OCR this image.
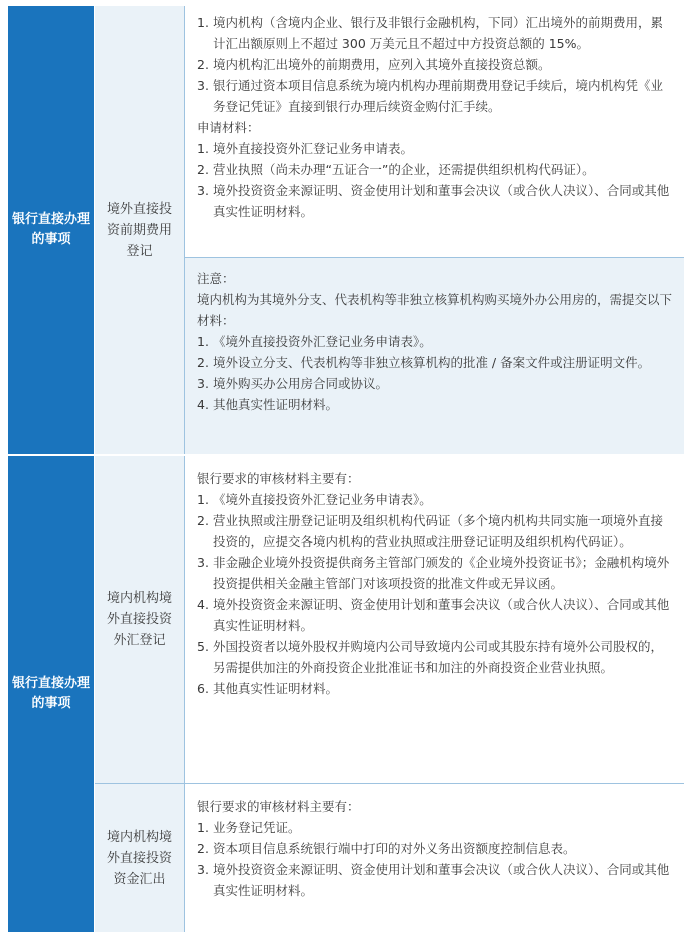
银行直接办理的事项
境外直接投资前期费用登记
1. 境内机构（含境内企业、银行及非银行金融机构，下同）汇出境外的前期费用，累计汇出额原则上不超过 300 万美元且不超过中方投资总额的 15%。
2. 境内机构汇出境外的前期费用，应列入其境外直接投资总额。
3. 银行通过资本项目信息系统为境内机构办理前期费用登记手续后，境内机构凭《业务登记凭证》直接到银行办理后续资金购付汇手续。

申请材料：

1. 境外直接投资外汇登记业务申请表。
2. 营业执照（尚未办理“五证合一”的企业，还需提供组织机构代码证）。
3. 境外投资资金来源证明、资金使用计划和董事会决议（或合伙人决议）、合同或其他真实性证明材料。

注意：

境内机构为其境外分支、代表机构等非独立核算机构购买境外办公用房的，需提交以下材料：

1. 《境外直接投资外汇登记业务申请表》。
2. 境外设立分支、代表机构等非独立核算机构的批准 / 备案文件或注册证明文件。
3. 境外购买办公用房合同或协议。
4. 其他真实性证明材料。
银行直接办理的事项
境内机构境外直接投资外汇登记

银行要求的审核材料主要有：

1. 《境外直接投资外汇登记业务申请表》。
2. 营业执照或注册登记证明及组织机构代码证（多个境内机构共同实施一项境外直接投资的，应提交各境内机构的营业执照或注册登记证明及组织机构代码证）。
3. 非金融企业境外投资提供商务主管部门颁发的《企业境外投资证书》；金融机构境外投资提供相关金融主管部门对该项投资的批准文件或无异议函。
4. 境外投资资金来源证明、资金使用计划和董事会决议（或合伙人决议）、合同或其他真实性证明材料。
5. 外国投资者以境外股权并购境内公司导致境内公司或其股东持有境外公司股权的，另需提供加注的外商投资企业批准证书和加注的外商投资企业营业执照。
6. 其他真实性证明材料。
境内机构境外直接投资资金汇出

银行要求的审核材料主要有：

1. 业务登记凭证。
2. 资本项目信息系统银行端中打印的对外义务出资额度控制信息表。
3. 境外投资资金来源证明、资金使用计划和董事会决议（或合伙人决议）、合同或其他真实性证明材料。
